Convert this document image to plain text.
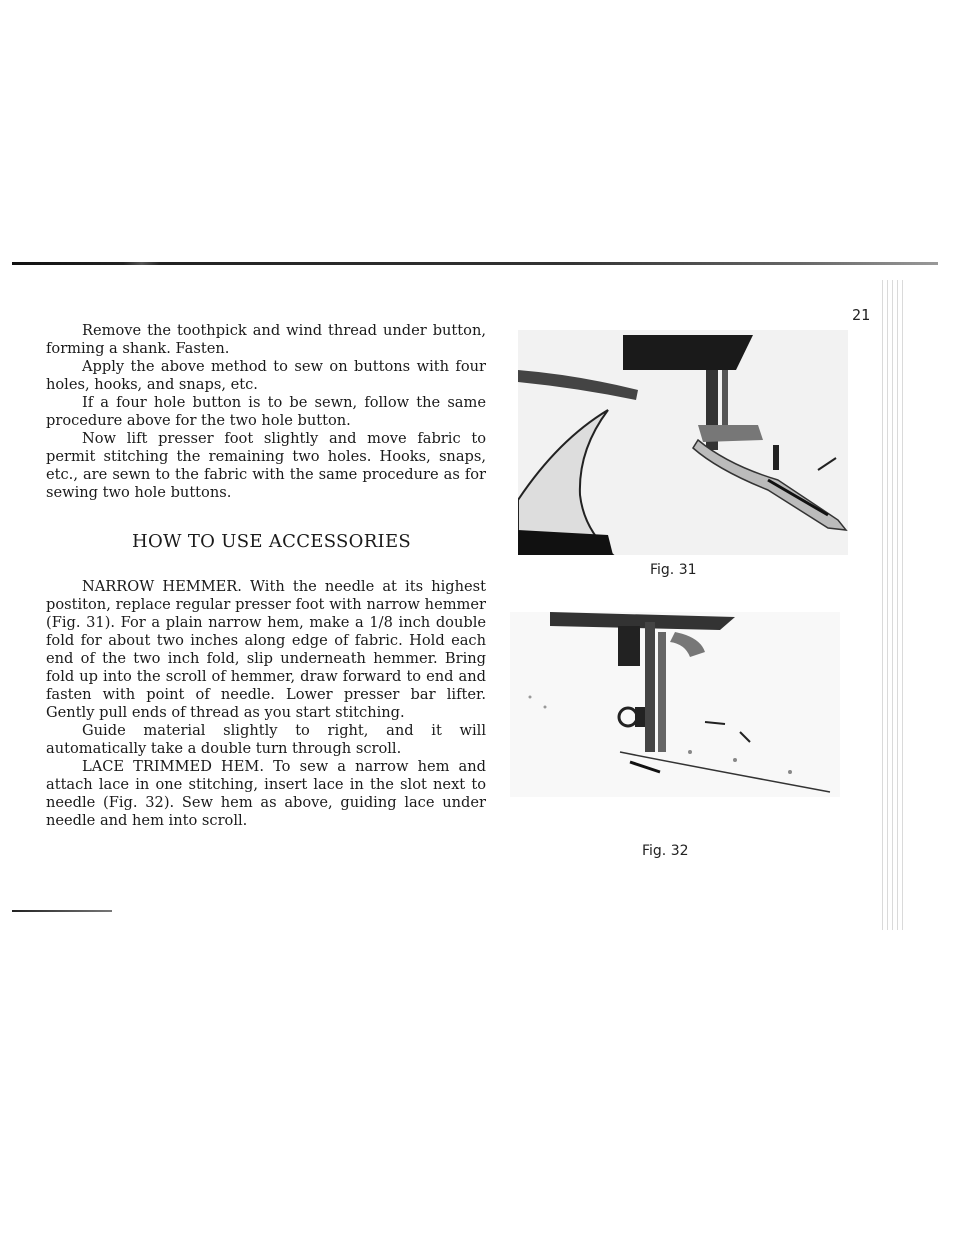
21

Remove the toothpick and wind thread under button, forming a shank. Fasten.

Apply the above method to sew on buttons with four holes, hooks, and snaps, etc.

If a four hole button is to be sewn, follow the same procedure above for the two hole button.

Now lift presser foot slightly and move fabric to permit stitching the remaining two holes. Hooks, snaps, etc., are sewn to the fabric with the same procedure as for sewing two hole buttons.

HOW TO USE ACCESSORIES

NARROW HEMMER. With the needle at its highest postiton, replace regular presser foot with narrow hemmer (Fig. 31). For a plain narrow hem, make a 1/8 inch double fold for about two inches along edge of fabric. Hold each end of the two inch fold, slip underneath hemmer. Bring fold up into the scroll of hemmer, draw forward to end and fasten with point of needle. Lower presser bar lifter. Gently pull ends of thread as you start stitching.

Guide material slightly to right, and it will automatically take a double turn through scroll.

LACE TRIMMED HEM. To sew a narrow hem and attach lace in one stitching, insert lace in the slot next to needle (Fig. 32). Sew hem as above, guiding lace under needle and hem into scroll.

Fig. 31
Fig. 32
